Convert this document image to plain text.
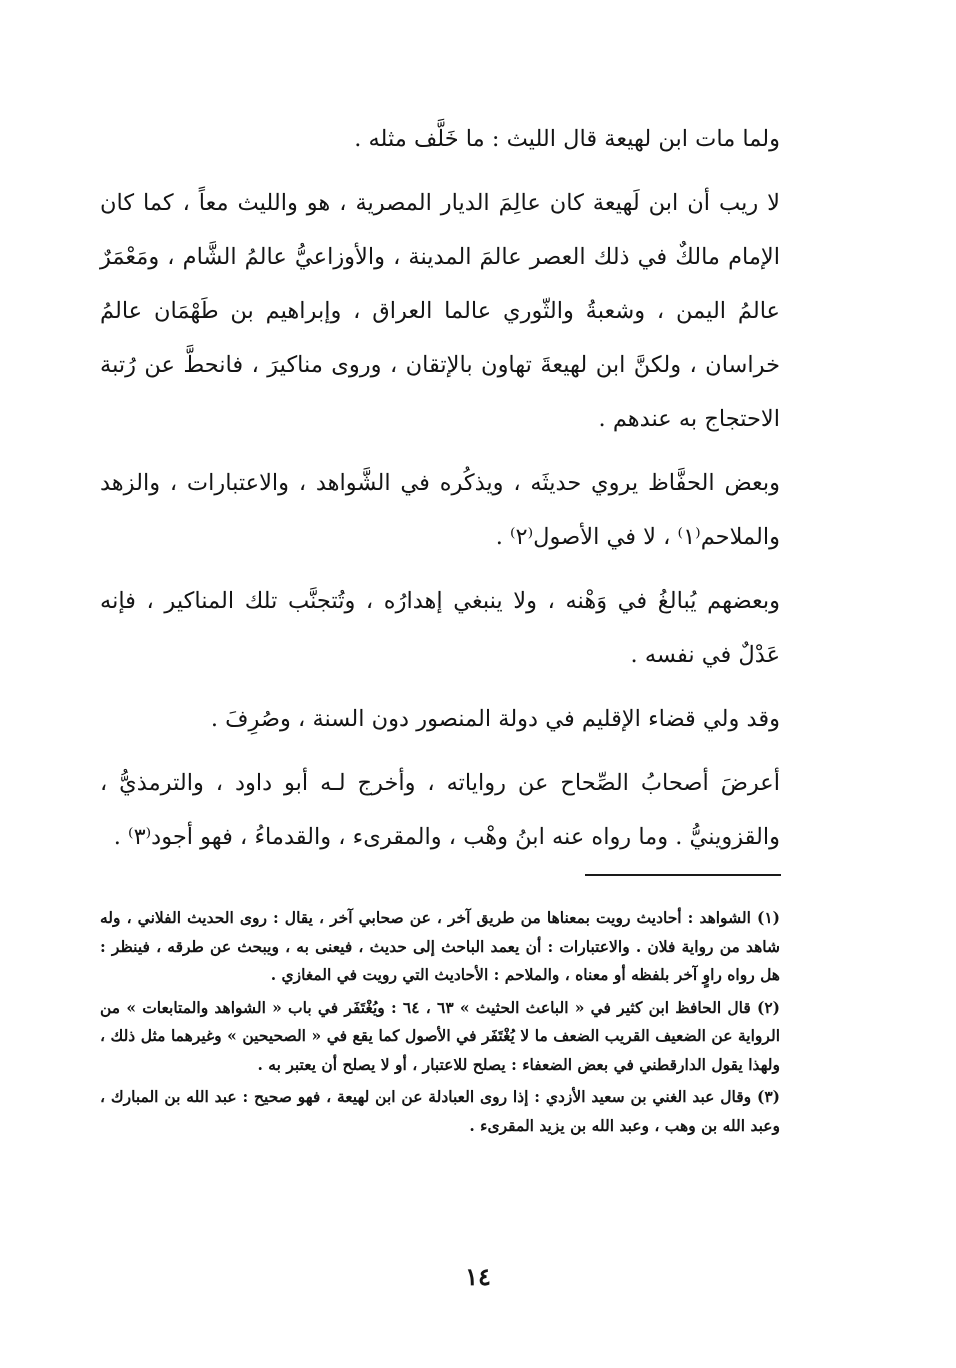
ولما مات ابن لهيعة قال الليث : ما خَلَّف مثله .

لا ريب أن ابن لَهيعة كان عالِمَ الديار المصرية ، هو والليث معاً ، كما كان الإمام مالكٌ في ذلك العصر عالمَ المدينة ، والأوزاعيُّ عالمُ الشَّام ، ومَعْمَرٌ عالمُ اليمن ، وشعبةُ والثّوري عالما العراق ، وإبراهيم بن طَهْمَان عالمُ خراسان ، ولكنَّ ابن لهيعةَ تهاون بالإتقان ، وروى مناكيرَ ، فانحطَّ عن رُتبة الاحتجاج به عندهم .

وبعض الحفَّاظ يروي حديثَه ، ويذكُره في الشَّواهد ، والاعتبارات ، والزهد والملاحم⁽١⁾ ، لا في الأصول⁽٢⁾ .

وبعضهم يُبالغُ في وَهْنه ، ولا ينبغي إهدارُه ، وتُتجنَّب تلك المناكير ، فإنه عَدْلٌ في نفسه .

وقد ولي قضاء الإقليم في دولة المنصور دون السنة ، وصُرِفَ .

أعرضَ أصحابُ الصِّحاح عن رواياته ، وأخرج لـه أبو داود ، والترمذيُّ ، والقزوينيُّ . وما رواه عنه ابنُ وهْب ، والمقرىء ، والقدماءُ ، فهو أجود⁽٣⁾ .

(١) الشواهد : أحاديث رويت بمعناها من طريق آخر ، عن صحابي آخر ، يقال : روى الحديث الفلاني ، وله شاهد من رواية فلان . والاعتبارات : أن يعمد الباحث إلى حديث ، فيعنى به ، ويبحث عن طرقه ، فينظر : هل رواه راوٍ آخر بلفظه أو معناه ، والملاحم : الأحاديث التي رويت في المغازي .

(٢) قال الحافظ ابن كثير في « الباعث الحثيث » ٦٣ ، ٦٤ : ويُغْتَفَر في باب « الشواهد والمتابعات » من الرواية عن الضعيف القريب الضعف ما لا يُغْتَفَر في الأصول كما يقع في « الصحيحين » وغيرهما مثل ذلك ، ولهذا يقول الدارقطني في بعض الضعفاء : يصلح للاعتبار ، أو لا يصلح أن يعتبر به .

(٣) وقال عبد الغني بن سعيد الأزدي : إذا روى العبادلة عن ابن لهيعة ، فهو صحيح : عبد الله بن المبارك ، وعبد الله بن وهب ، وعبد الله بن يزيد المقرىء .

١٤
